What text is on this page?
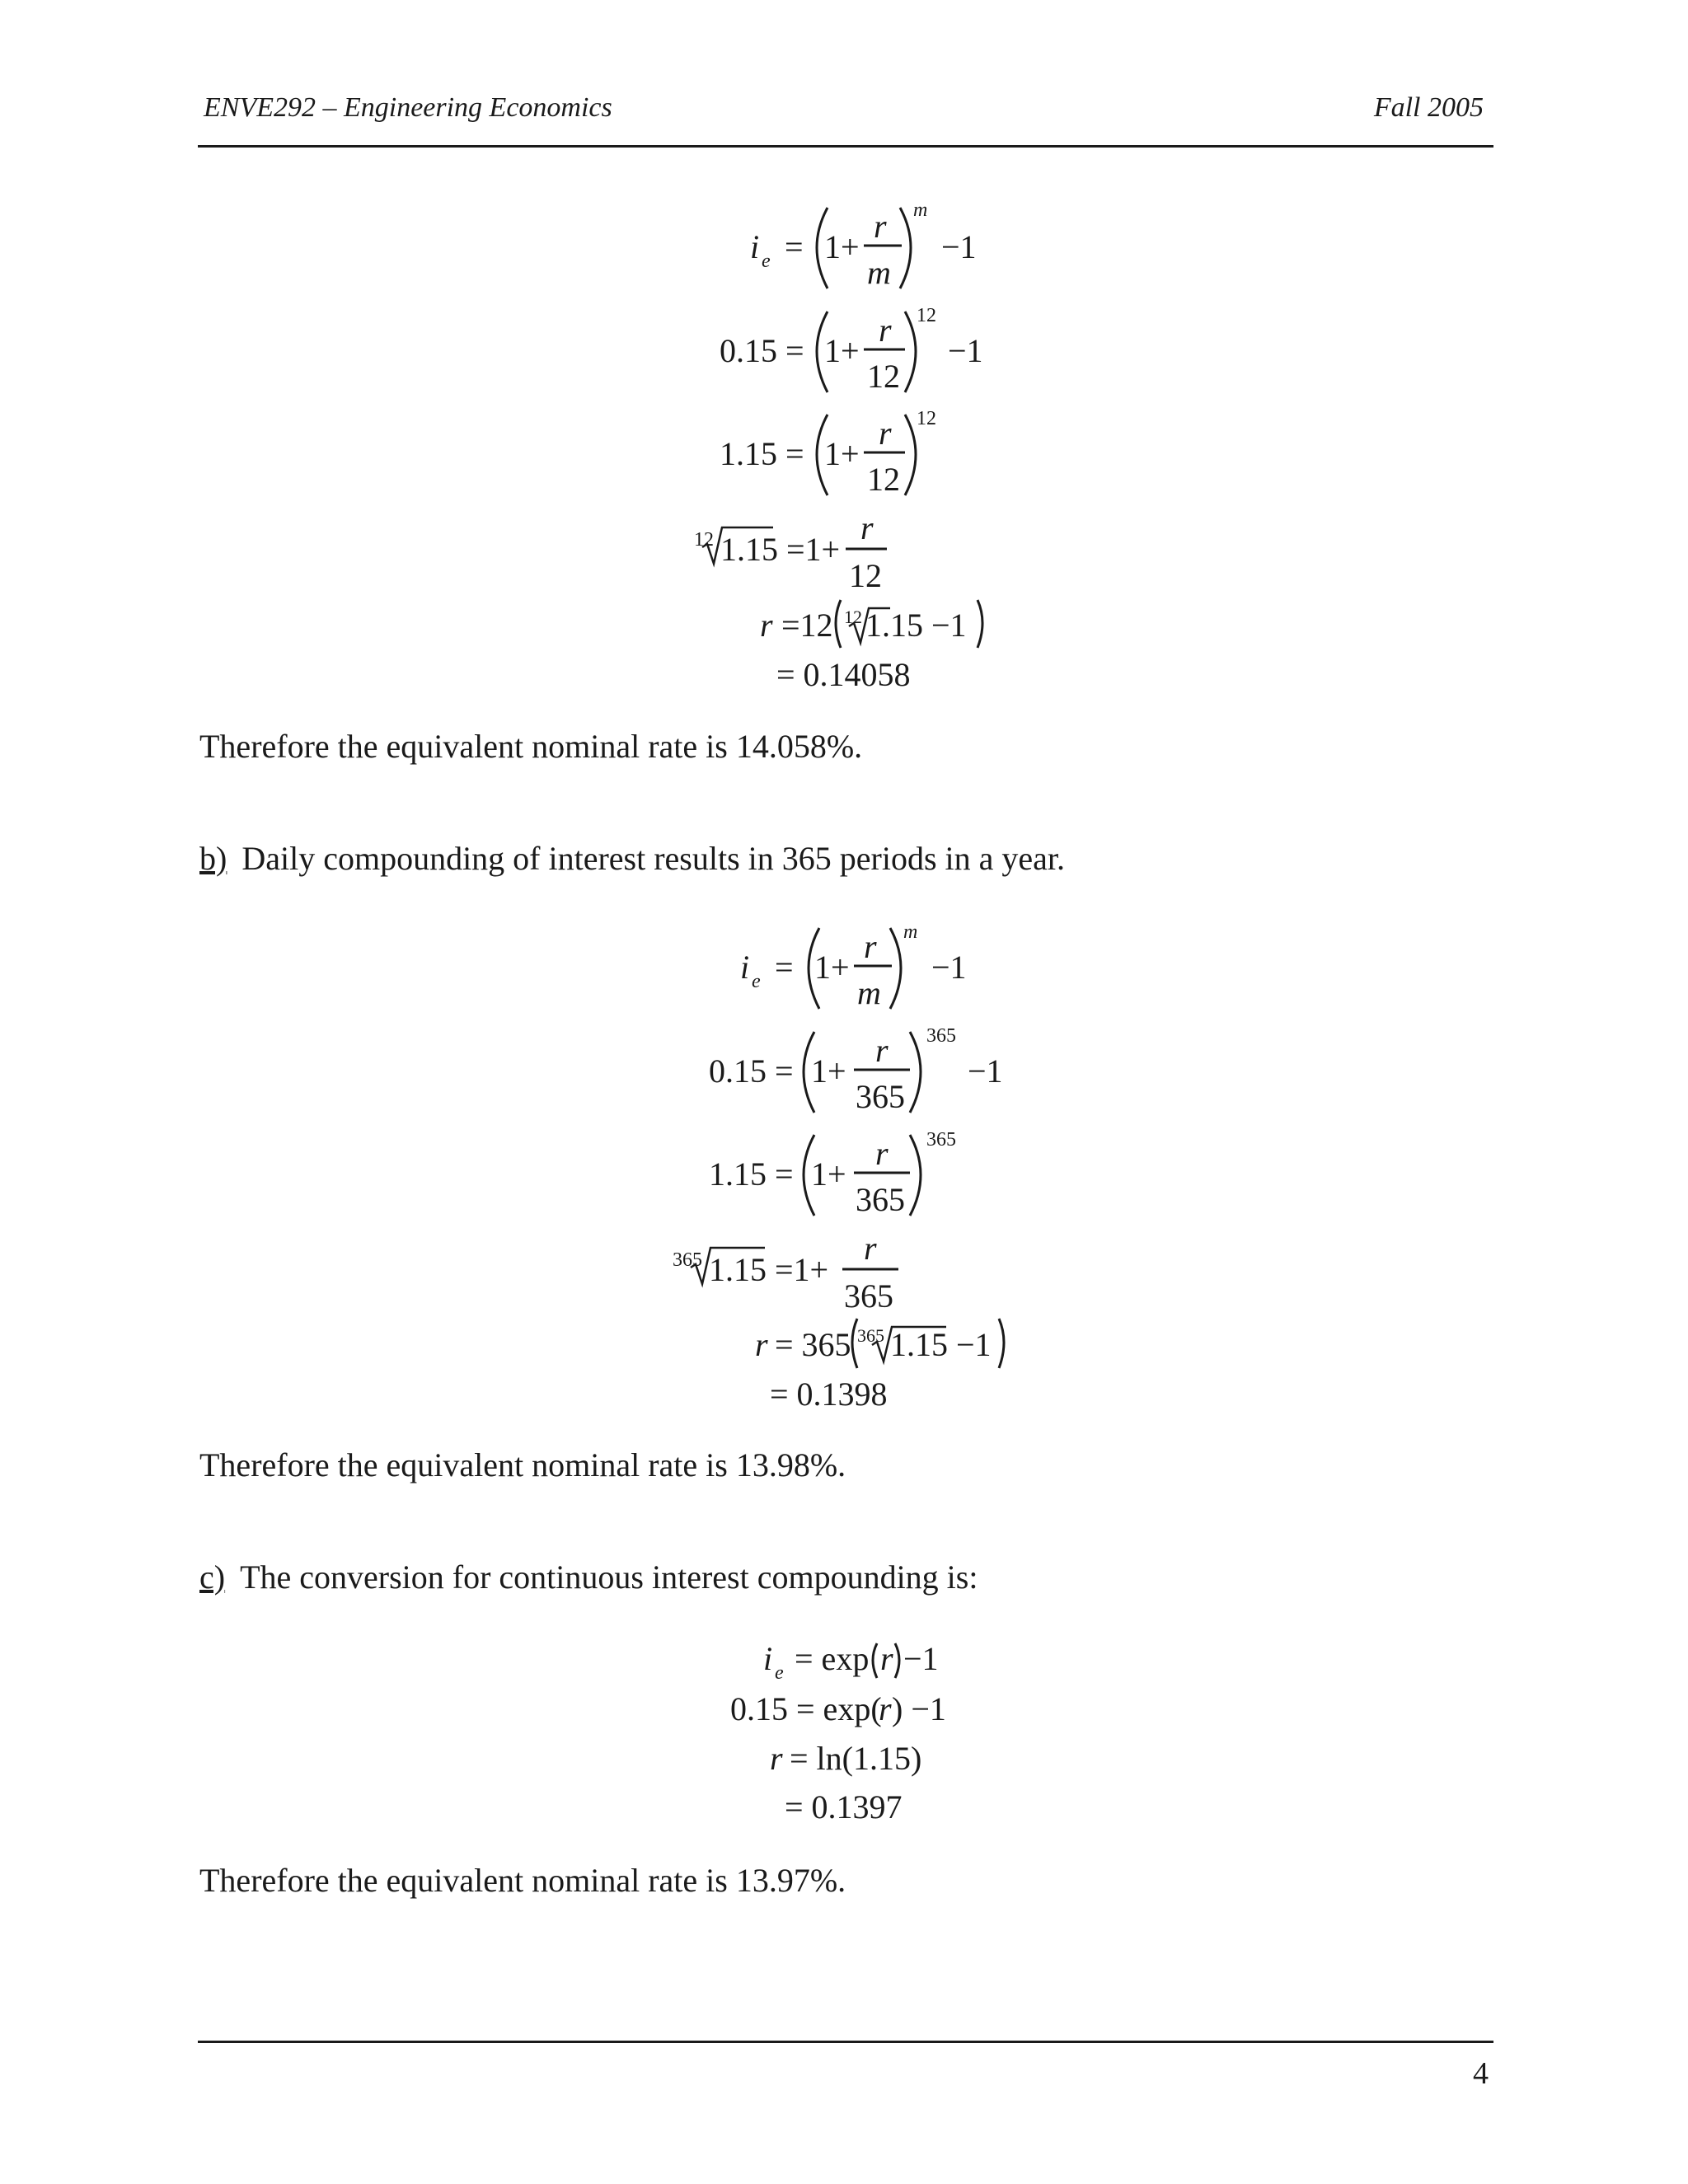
ENVE292 – Engineering Economics	Fall 2005
i e = 1+
r
m
m
−1
0.15 = 1+
r
12
12
−1
1.15 = 1+
r
12
12
12 1.15 =1+
r
12
r =12 12 1.15 −1
= 0.14058
i e = 1+
r
m
m
−1
0.15 = 1+
r
365
365
−1
1.15 = 1+
r
365
365
365 1.15 =1+
r
365
r = 365 365 1.15 −1
= 0.1398
i e = exp r −1
0.15 = exp(
r ) −1
r = ln(1.15)
= 0.1397
Therefore the equivalent nominal rate is 14.058%.
b) Daily compounding of interest results in 365 periods in a year.
Therefore the equivalent nominal rate is 13.98%.
c) The conversion for continuous interest compounding is:
Therefore the equivalent nominal rate is 13.97%.
4
